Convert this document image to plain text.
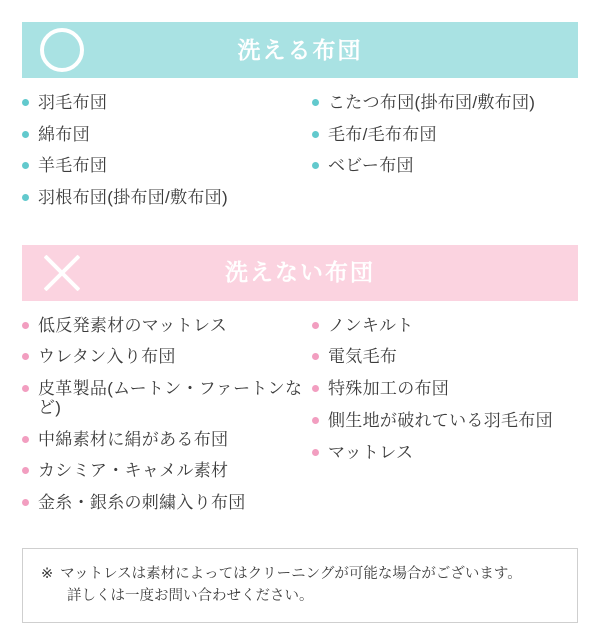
洗える布団
羽毛布団
綿布団
羊毛布団
羽根布団(掛布団/敷布団)
こたつ布団(掛布団/敷布団)
毛布/毛布布団
ベビー布団
洗えない布団
低反発素材のマットレス
ウレタン入り布団
皮革製品(ムートン・ファートンなど)
中綿素材に絹がある布団
カシミア・キャメル素材
金糸・銀糸の刺繍入り布団
ノンキルト
電気毛布
特殊加工の布団
側生地が破れている羽毛布団
マットレス
※ マットレスは素材によってはクリーニングが可能な場合がございます。
詳しくは一度お問い合わせください。
